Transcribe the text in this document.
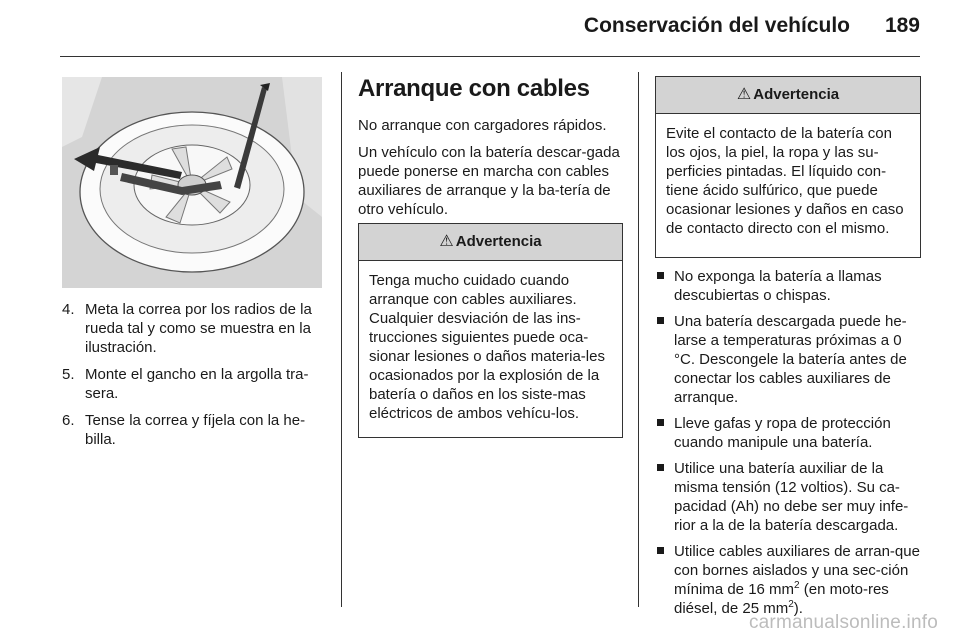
Conservación del vehículo 189
4. Meta la correa por los radios de la rueda tal y como se muestra en la ilustración.
5. Monte el gancho en la argolla tra-sera.
6. Tense la correa y fíjela con la he-billa.
Arranque con cables

No arranque con cargadores rápidos.

Un vehículo con la batería descar-gada puede ponerse en marcha con cables auxiliares de arranque y la ba-tería de otro vehículo.

⚠ Advertencia
Tenga mucho cuidado cuando arranque con cables auxiliares. Cualquier desviación de las ins-trucciones siguientes puede oca-sionar lesiones o daños materia-les ocasionados por la explosión de la batería o daños en los siste-mas eléctricos de ambos vehícu-los.
⚠ Advertencia
Evite el contacto de la batería con los ojos, la piel, la ropa y las su-perficies pintadas. El líquido con-tiene ácido sulfúrico, que puede ocasionar lesiones y daños en caso de contacto directo con el mismo.
No exponga la batería a llamas descubiertas o chispas.
Una batería descargada puede he-larse a temperaturas próximas a 0 °C. Descongele la batería antes de conectar los cables auxiliares de arranque.
Lleve gafas y ropa de protección cuando manipule una batería.
Utilice una batería auxiliar de la misma tensión (12 voltios). Su ca-pacidad (Ah) no debe ser muy infe-rior a la de la batería descargada.
Utilice cables auxiliares de arran-que con bornes aislados y una sec-ción mínima de 16 $mm^2$ (en moto-res diésel, de 25 $mm^2$).
carmanualsonline.info
